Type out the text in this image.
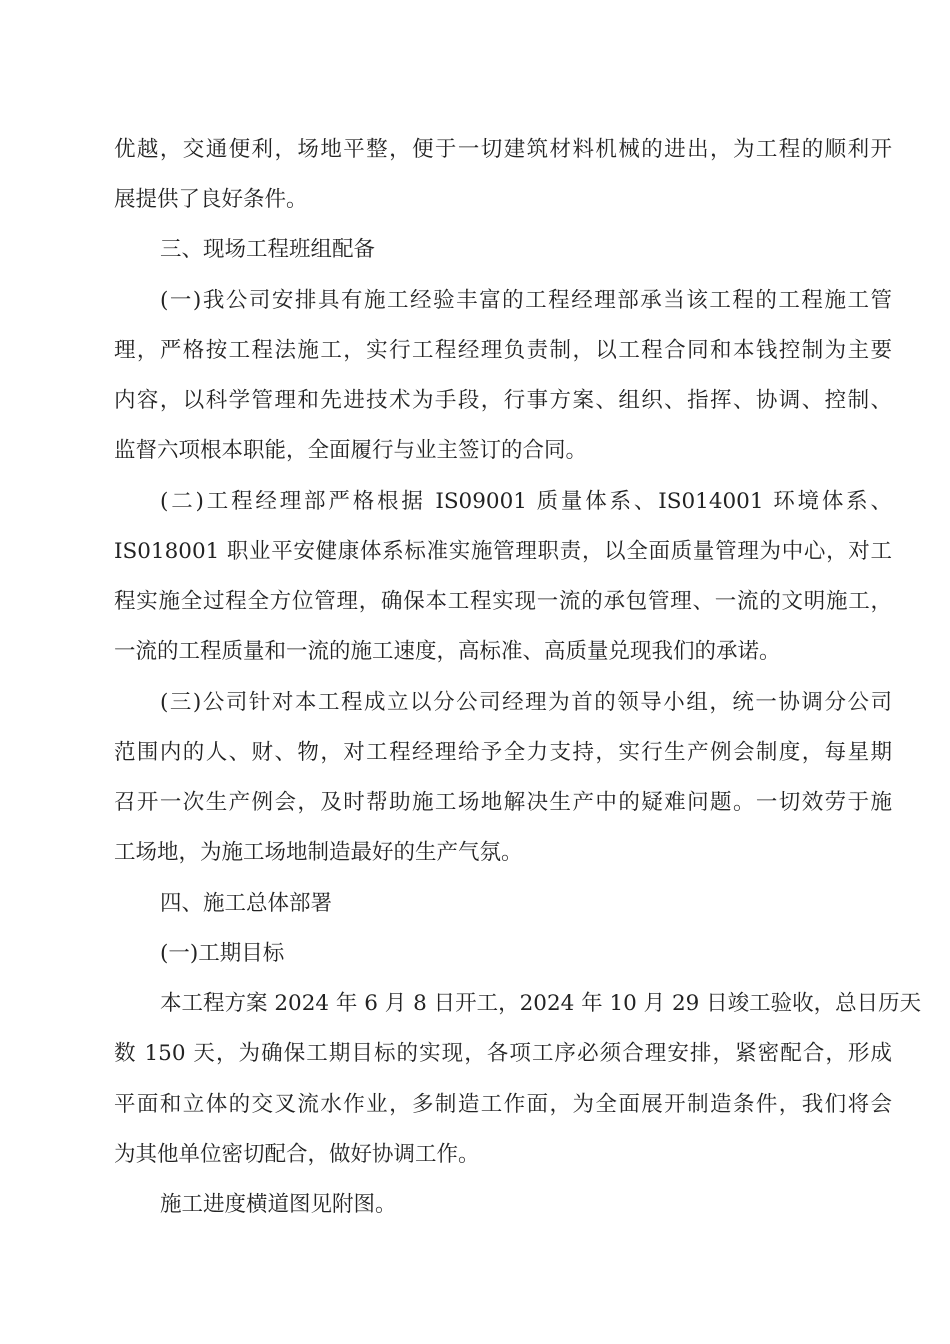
优越，交通便利，场地平整，便于一切建筑材料机械的进出，为工程的顺利开
展提供了良好条件。
三、现场工程班组配备
(一)我公司安排具有施工经验丰富的工程经理部承当该工程的工程施工管
理，严格按工程法施工，实行工程经理负责制，以工程合同和本钱控制为主要
内容，以科学管理和先进技术为手段，行事方案、组织、指挥、协调、控制、
监督六项根本职能，全面履行与业主签订的合同。
(二)工程经理部严格根据 IS09001 质量体系、IS014001 环境体系、
IS018001 职业平安健康体系标准实施管理职责，以全面质量管理为中心，对工
程实施全过程全方位管理，确保本工程实现一流的承包管理、一流的文明施工，
一流的工程质量和一流的施工速度，高标准、高质量兑现我们的承诺。
(三)公司针对本工程成立以分公司经理为首的领导小组，统一协调分公司
范围内的人、财、物，对工程经理给予全力支持，实行生产例会制度，每星期
召开一次生产例会，及时帮助施工场地解决生产中的疑难问题。一切效劳于施
工场地，为施工场地制造最好的生产气氛。
四、施工总体部署
(一)工期目标
本工程方案 2024 年 6 月 8 日开工，2024 年 10 月 29 日竣工验收，总日历天
数 150 天，为确保工期目标的实现，各项工序必须合理安排，紧密配合，形成
平面和立体的交叉流水作业，多制造工作面，为全面展开制造条件，我们将会
为其他单位密切配合，做好协调工作。
施工进度横道图见附图。
